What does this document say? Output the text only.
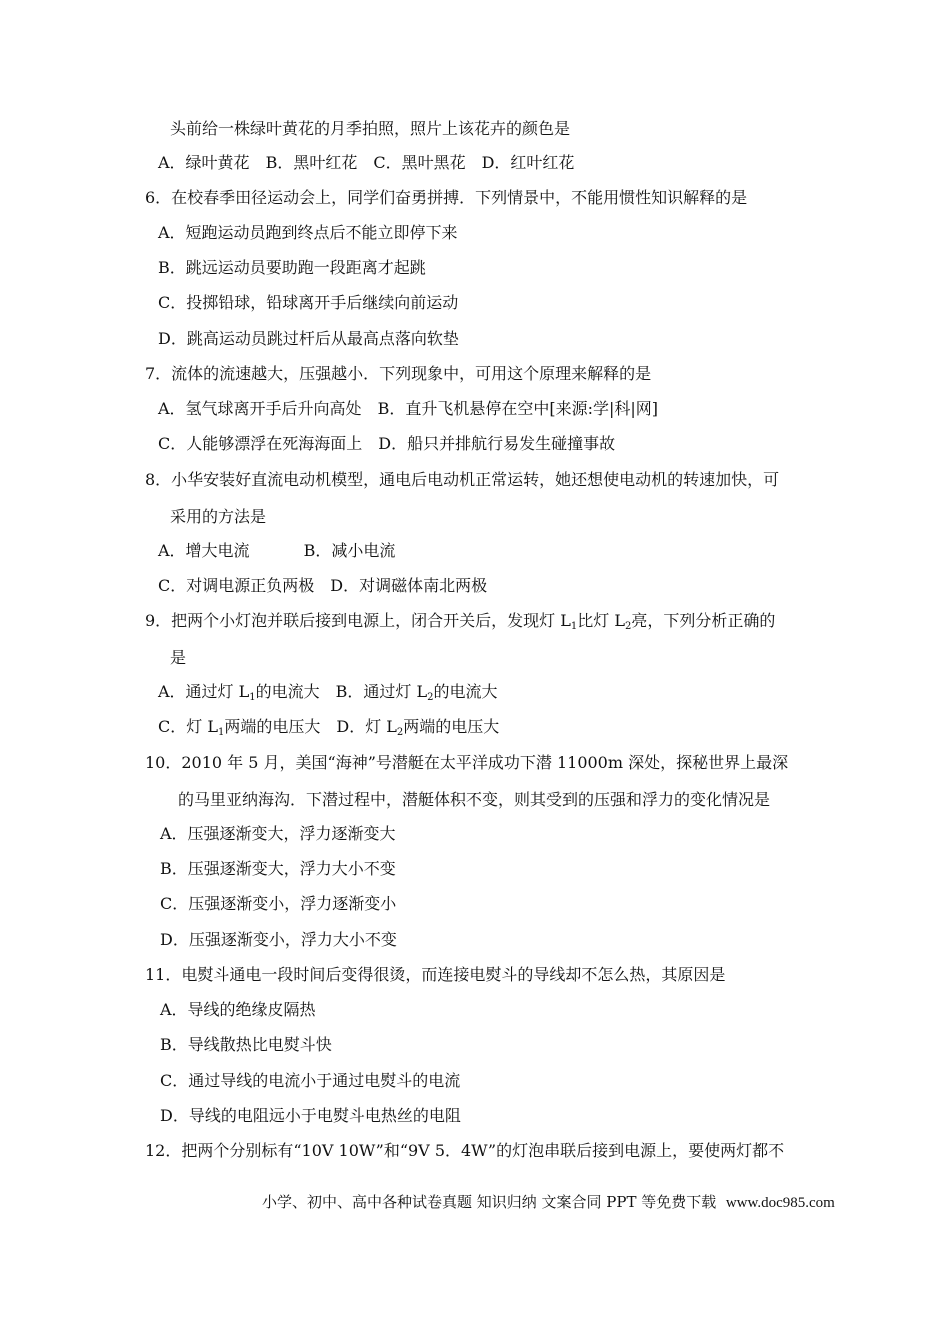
头前给一株绿叶黄花的月季拍照，照片上该花卉的颜色是
A．绿叶黄花 B．黑叶红花 C．黑叶黑花 D．红叶红花
6．在校春季田径运动会上，同学们奋勇拼搏．下列情景中，不能用惯性知识解释的是
A．短跑运动员跑到终点后不能立即停下来
B．跳远运动员要助跑一段距离才起跳
C．投掷铅球，铅球离开手后继续向前运动
D．跳高运动员跳过杆后从最高点落向软垫
7．流体的流速越大，压强越小．下列现象中，可用这个原理来解释的是
A．氢气球离开手后升向高处 B．直升飞机悬停在空中[来源:学|科|网]
C．人能够漂浮在死海海面上 D．船只并排航行易发生碰撞事故
8．小华安装好直流电动机模型，通电后电动机正常运转，她还想使电动机的转速加快，可
采用的方法是
A．增大电流	B．减小电流
C．对调电源正负两极 D．对调磁体南北两极
9．把两个小灯泡并联后接到电源上，闭合开关后，发现灯 $L_1$比灯 $L_2$亮，下列分析正确的
是
A．通过灯 $L_1$的电流大 B．通过灯 $L_2$的电流大
C．灯 $L_1$两端的电压大 D．灯 $L_2$两端的电压大
10．2010 年 5 月，美国“海神”号潜艇在太平洋成功下潜 11000m 深处，探秘世界上最深
的马里亚纳海沟．下潜过程中，潜艇体积不变，则其受到的压强和浮力的变化情况是
A．压强逐渐变大，浮力逐渐变大
B．压强逐渐变大，浮力大小不变
C．压强逐渐变小，浮力逐渐变小
D．压强逐渐变小，浮力大小不变
11．电熨斗通电一段时间后变得很烫，而连接电熨斗的导线却不怎么热，其原因是
A．导线的绝缘皮隔热
B．导线散热比电熨斗快
C．通过导线的电流小于通过电熨斗的电流
D．导线的电阻远小于电熨斗电热丝的电阻
12．把两个分别标有“10V 10W”和“9V 5．4W”的灯泡串联后接到电源上，要使两灯都不
小学、初中、高中各种试卷真题 知识归纳 文案合同 PPT 等免费下载 www.doc985.com
